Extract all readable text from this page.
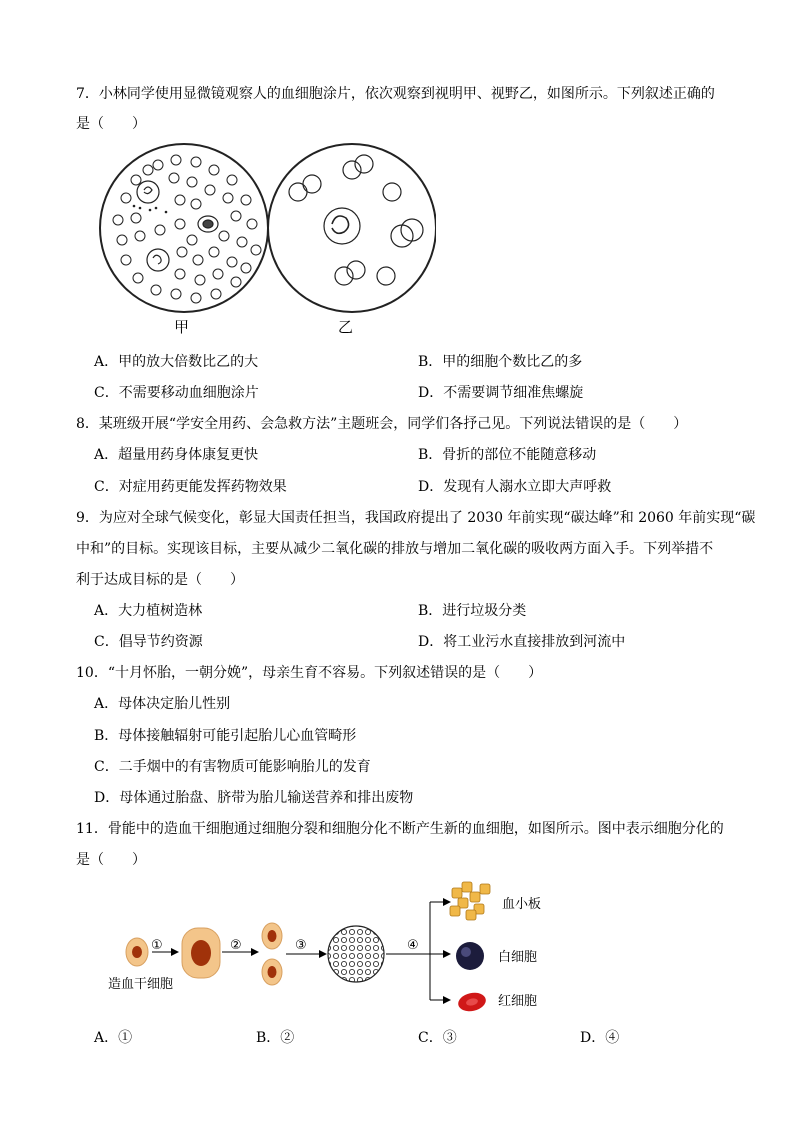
7．小林同学使用显微镜观察人的血细胞涂片，依次观察到视明甲、视野乙，如图所示。下列叙述正确的
是（　　）
甲	乙
A．甲的放大倍数比乙的大	B．甲的细胞个数比乙的多
C．不需要移动血细胞涂片	D．不需要调节细准焦螺旋
8．某班级开展“学安全用药、会急救方法”主题班会，同学们各抒己见。下列说法错误的是（　　）
A．超量用药身体康复更快	B．骨折的部位不能随意移动
C．对症用药更能发挥药物效果	D．发现有人溺水立即大声呼救
9．为应对全球气候变化，彰显大国责任担当，我国政府提出了 2030 年前实现“碳达峰”和 2060 年前实现“碳
中和”的目标。实现该目标，主要从减少二氧化碳的排放与增加二氧化碳的吸收两方面入手。下列举措不
利于达成目标的是（　　）
A．大力植树造林	B．进行垃圾分类
C．倡导节约资源	D．将工业污水直接排放到河流中
10．“十月怀胎，一朝分娩”，母亲生育不容易。下列叙述错误的是（　　）
A．母体决定胎儿性别
B．母体接触辐射可能引起胎儿心血管畸形
C．二手烟中的有害物质可能影响胎儿的发育
D．母体通过胎盘、脐带为胎儿输送营养和排出废物
11．骨能中的造血干细胞通过细胞分裂和细胞分化不断产生新的血细胞，如图所示。图中表示细胞分化的
是（　　）
造血干细胞
①	②	③	④
血小板
白细胞
红细胞
A．①	B．②	C．③	D．④
